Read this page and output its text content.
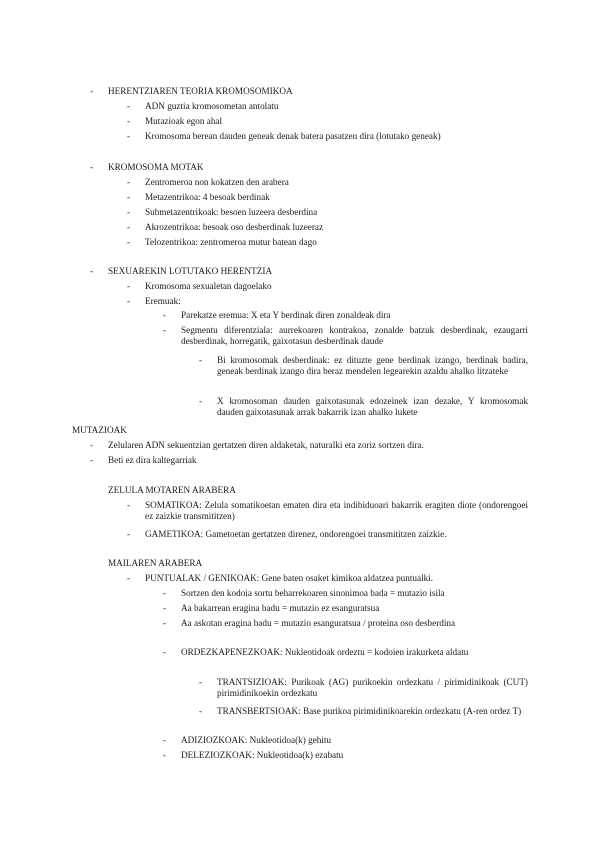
- HERENTZIAREN TEORIA KROMOSOMIKOA
- ADN guztia kromosometan antolatu
- Mutazioak egon ahal
- Kromosoma berean dauden geneak denak batera pasatzen dira (lotutako geneak)
- KROMOSOMA MOTAK
- Zentromeroa non kokatzen den arabera
- Metazentrikoa: 4 besoak berdinak
- Submetazentrikoak: besoen luzeera desberdina
- Akrozentrikoa: besoak oso desberdinak luzeeraz
- Telozentrikoa: zentromeroa mutur batean dago
- SEXUAREKIN LOTUTAKO HERENTZIA
- Kromosoma sexualetan dagoelako
- Eremuak:
- Parekatze eremua: X eta Y berdinak diren zonaldeak dira
- Segmentu diferentziala: aurrekoaren kontrakoa, zonalde batzuk desberdinak, ezaugarri desberdinak, horregatik, gaixotasun desberdinak daude
- Bi kromosomak desberdinak: ez dituzte gene berdinak izango, berdinak badira, geneak berdinak izango dira beraz mendelen legearekin azaldu ahalko litzateke
- X kromosoman dauden gaixotasunak edozeinek izan dezake, Y kromosomak dauden gaixotasunak arrak bakarrik izan ahalko lukete
MUTAZIOAK
- Zelularen ADN sekuentzian gertatzen diren aldaketak, naturalki eta zoriz sortzen dira.
- Beti ez dira kaltegarriak
ZELULA MOTAREN ARABERA
- SOMATIKOA: Zelula somatikoetan ematen dira eta indibiduoari bakarrik eragiten diote (ondorengoei ez zaizkie transmititzen)
- GAMETIKOA: Gametoetan gertatzen direnez, ondorengoei transmititzen zaizkie.
MAILAREN ARABERA
- PUNTUALAK / GENIKOAK: Gene baten osaket kimikoa aldatzea puntualki.
- Sortzen den kodoia sortu beharrekoaren sinonimoa bada = mutazio isila
- Aa bakarrean eragina badu = mutazio ez esanguratsua
- Aa askotan eragina badu = mutazio esanguratsua / proteina oso desberdina
- ORDEZKAPENEZKOAK: Nukleotidoak ordeztu = kodoien irakurketa aldatu
- TRANTSIZIOAK: Purikoak (AG) purikoekin ordezkatu / pirimidinikoak (CUT) pirimidinikoekin ordezkatu
- TRANSBERTSIOAK: Base purikoa pirimidinikoarekin ordezkatu (A-ren ordez T)
- ADIZIOZKOAK: Nukleotidoa(k) gehitu
- DELEZIOZKOAK: Nukleotidoa(k) ezabatu
